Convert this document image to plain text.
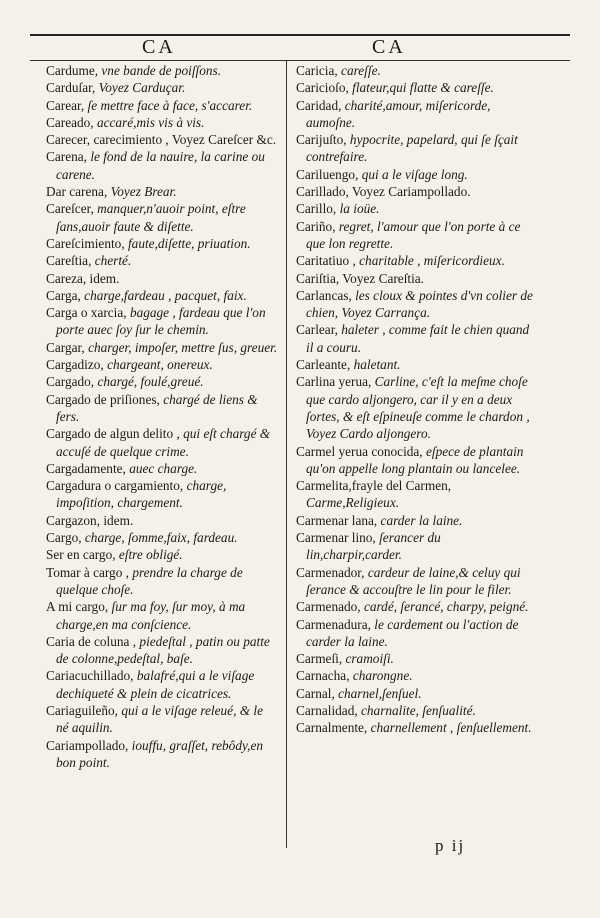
CA	CA

Cardume, vne bande de poiſſons.

Carduſar, Voyez Carduçar.

Carear, ſe mettre face à face, s'accarer.

Careado, accaré,mis vis à vis.

Carecer, carecimiento , Voyez Careſcer &c.

Carena, le fond de la nauire, la carine ou carene.

Dar carena, Voyez Brear.

Careſcer, manquer,n'auoir point, eſtre ſans,auoir faute & diſette.

Careſcimiento, faute,diſette, priuation.

Careſtia, cherté.

Careza, idem.

Carga, charge,fardeau , pacquet, faix.

Carga o xarcia, bagage , fardeau que l'on porte auec ſoy ſur le chemin.

Cargar, charger, impoſer, mettre ſus, greuer.

Cargadizo, chargeant, onereux.

Cargado, chargé, foulé,greué.

Cargado de priſiones, chargé de liens & fers.

Cargado de algun delito , qui eſt chargé & accuſé de quelque crime.

Cargadamente, auec charge.

Cargadura o cargamiento, charge, impoſition, chargement.

Cargazon, idem.

Cargo, charge, ſomme,faix, fardeau.

Ser en cargo, eſtre obligé.

Tomar à cargo , prendre la charge de quelque choſe.

A mi cargo, ſur ma foy, ſur moy, à ma charge,en ma conſcience.

Caria de coluna , piedeſtal , patin ou patte de colonne,pedeſtal, baſe.

Cariacuchillado, balafré,qui a le viſage dechiqueté & plein de cicatrices.

Cariaguileño, qui a le viſage releué, & le né aquilin.

Cariampollado, iouffu, graſſet, rebôdy,en bon point.

Caricia, careſſe.

Caricioſo, flateur,qui flatte & careſſe.

Caridad, charité,amour, miſericorde, aumoſne.

Carijuſto, hypocrite, papelard, qui ſe ſçait contrefaire.

Cariluengo, qui a le viſage long.

Carillado, Voyez Cariampollado.

Carillo, la ioüe.

Cariño, regret, l'amour que l'on porte à ce que lon regrette.

Caritatiuo , charitable , miſericordieux.

Cariſtia, Voyez Careſtia.

Carlancas, les cloux & pointes d'vn colier de chien, Voyez Carrança.

Carlear, haleter , comme fait le chien quand il a couru.

Carleante, haletant.

Carlina yerua, Carline, c'eſt la meſme choſe que cardo aljongero, car il y en a deux ſortes, & eſt eſpineuſe comme le chardon , Voyez Cardo aljongero.

Carmel yerua conocida, eſpece de plantain qu'on appelle long plantain ou lancelee.

Carmelita,frayle del Carmen, Carme,Religieux.

Carmenar lana, carder la laine.

Carmenar lino, ſerancer du lin,charpir,carder.

Carmenador, cardeur de laine,& celuy qui ſerance & accouſtre le lin pour le filer.

Carmenado, cardé, ſerancé, charpy, peigné.

Carmenadura, le cardement ou l'action de carder la laine.

Carmeſi, cramoiſi.

Carnacha, charongne.

Carnal, charnel,ſenſuel.

Carnalidad, charnalite, ſenſualité.

Carnalmente, charnellement , ſenſuellement.

p ij
